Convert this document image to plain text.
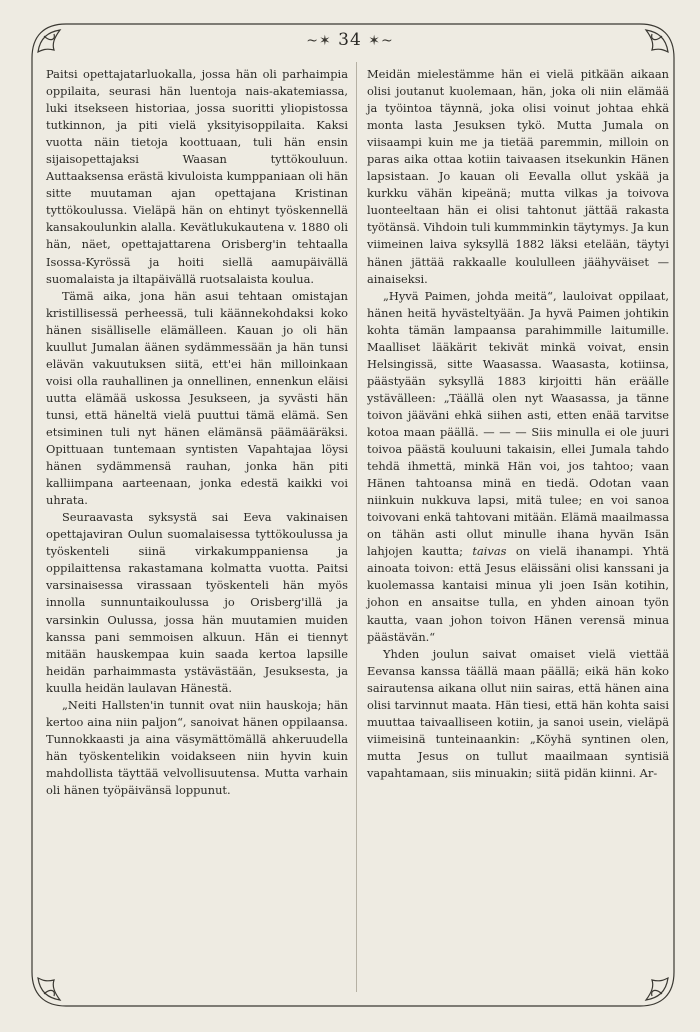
~✶ 34 ✶~

Paitsi opettajatarluokalla, jossa hän oli parhaimpia oppilaita, seurasi hän luentoja nais-akatemiassa, luki itsekseen historiaa, jossa suoritti yliopistossa tutkinnon, ja piti vielä yksityisoppilaita. Kaksi vuotta näin tietoja koottuaan, tuli hän ensin sijaisopettajaksi Waasan tyttökouluun. Auttaaksensa erästä kivuloista kumppaniaan oli hän sitte muutaman ajan opettajana Kristinan tyttökoulussa. Vieläpä hän on ehtinyt työskennellä kansakoulunkin alalla. Kevätlukukautena v. 1880 oli hän, näet, opettajattarena Orisberg'in tehtaalla Isossa-Kyrössä ja hoiti siellä aamupäivällä suomalaista ja iltapäivällä ruotsalaista koulua.

Tämä aika, jona hän asui tehtaan omistajan kristillisessä perheessä, tuli käännekohdaksi koko hänen sisälliselle elämälleen. Kauan jo oli hän kuullut Jumalan äänen sydämmessään ja hän tunsi elävän vakuutuksen siitä, ett'ei hän milloinkaan voisi olla rauhallinen ja onnellinen, ennenkun eläisi uutta elämää uskossa Jesukseen, ja syvästi hän tunsi, että häneltä vielä puuttui tämä elämä. Sen etsiminen tuli nyt hänen elämänsä päämääräksi. Opittuaan tuntemaan syntisten Vapahtajaa löysi hänen sydämmensä rauhan, jonka hän piti kalliimpana aarteenaan, jonka edestä kaikki voi uhrata.

Seuraavasta syksystä sai Eeva vakinaisen opettajaviran Oulun suomalaisessa tyttökoulussa ja työskenteli siinä virkakumppaniensa ja oppilaittensa rakastamana kolmatta vuotta. Paitsi varsinaisessa virassaan työskenteli hän myös innolla sunnuntaikoulussa jo Orisberg'illä ja varsinkin Oulussa, jossa hän muutamien muiden kanssa pani semmoisen alkuun. Hän ei tiennyt mitään hauskempaa kuin saada kertoa lapsille heidän parhaimmasta ystävästään, Jesuksesta, ja kuulla heidän laulavan Hänestä.

„Neiti Hallsten'in tunnit ovat niin hauskoja; hän kertoo aina niin paljon“, sanoivat hänen oppilaansa. Tunnokkaasti ja aina väsymättömällä ahkeruudella hän työskentelikin voidakseen niin hyvin kuin mahdollista täyttää velvollisuutensa. Mutta varhain oli hänen työpäivänsä loppunut.

Meidän mielestämme hän ei vielä pitkään aikaan olisi joutanut kuolemaan, hän, joka oli niin elämää ja työintoa täynnä, joka olisi voinut johtaa ehkä monta lasta Jesuksen tykö. Mutta Jumala on viisaampi kuin me ja tietää paremmin, milloin on paras aika ottaa kotiin taivaasen itsekunkin Hänen lapsistaan. Jo kauan oli Eevalla ollut yskää ja kurkku vähän kipeänä; mutta vilkas ja toivova luonteeltaan hän ei olisi tahtonut jättää rakasta työtänsä. Vihdoin tuli kummminkin täytymys. Ja kun viimeinen laiva syksyllä 1882 läksi etelään, täytyi hänen jättää rakkaalle koululleen jäähyväiset — ainaiseksi.

„Hyvä Paimen, johda meitä“, lauloivat oppilaat, hänen heitä hyvästeltyään. Ja hyvä Paimen johtikin kohta tämän lampaansa parahimmille laitumille. Maalliset lääkärit tekivät minkä voivat, ensin Helsingissä, sitte Waasassa. Waasasta, kotiinsa, päästyään syksyllä 1883 kirjoitti hän eräälle ystävälleen: „Täällä olen nyt Waasassa, ja tänne toivon jääväni ehkä siihen asti, etten enää tarvitse kotoa maan päällä. — — — Siis minulla ei ole juuri toivoa päästä kouluuni takaisin, ellei Jumala tahdo tehdä ihmettä, minkä Hän voi, jos tahtoo; vaan Hänen tahtoansa minä en tiedä. Odotan vaan niinkuin nukkuva lapsi, mitä tulee; en voi sanoa toivovani enkä tahtovani mitään. Elämä maailmassa on tähän asti ollut minulle ihana hyvän Isän lahjojen kautta; taivas on vielä ihanampi. Yhtä ainoata toivon: että Jesus eläissäni olisi kanssani ja kuolemassa kantaisi minua yli joen Isän kotihin, johon en ansaitse tulla, en yhden ainoan työn kautta, vaan johon toivon Hänen verensä minua päästävän.“

Yhden joulun saivat omaiset vielä viettää Eevansa kanssa täällä maan päällä; eikä hän koko sairautensa aikana ollut niin sairas, että hänen aina olisi tarvinnut maata. Hän tiesi, että hän kohta saisi muuttaa taivaalliseen kotiin, ja sanoi usein, vieläpä viimeisinä tunteinaankin: „Köyhä syntinen olen, mutta Jesus on tullut maailmaan syntisiä vapahtamaan, siis minuakin; siitä pidän kiinni. Ar-
